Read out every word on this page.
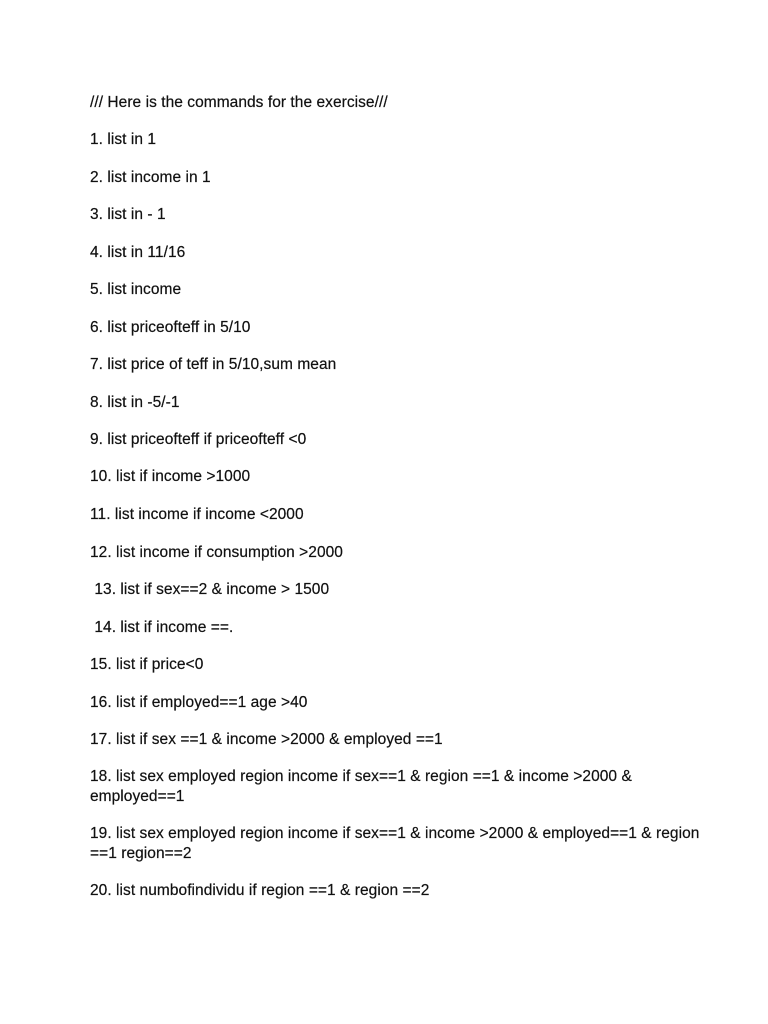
/// Here is the commands for the exercise///
1. list in 1
2. list income in 1
3. list in - 1
4. list in 11/16
5. list income
6. list priceofteff in 5/10
7. list price of teff in 5/10,sum mean
8. list in -5/-1
9. list priceofteff if priceofteff <0
10. list if income >1000
11. list income if income <2000
12. list income if consumption >2000
13. list if sex==2 & income > 1500
14. list if income ==.
15. list if price<0
16. list if employed==1 age >40
17. list if sex ==1 & income >2000 & employed ==1
18. list sex employed region income if sex==1 & region ==1 & income >2000 & employed==1
19. list sex employed region income if sex==1 & income >2000 & employed==1 & region ==1 region==2
20. list numbofindividu if region ==1 & region ==2
